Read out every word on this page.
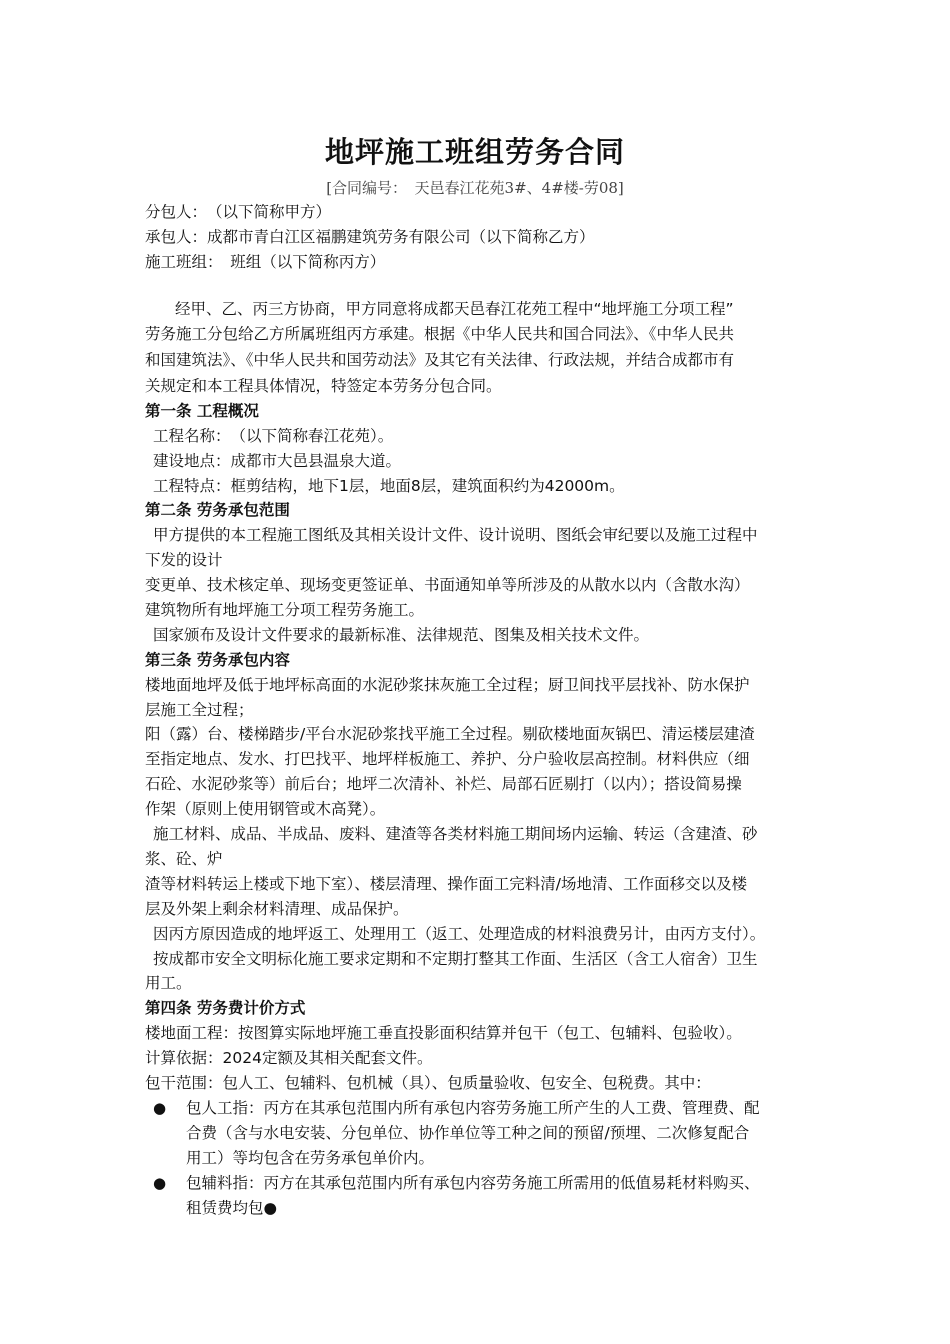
地坪施工班组劳务合同
[合同编号：　天邑春江花苑3#、4#楼-劳08]
分包人：　（以下简称甲方）
承包人：成都市青白江区福鹏建筑劳务有限公司（以下简称乙方）
施工班组：　班组（以下简称丙方）
经甲、乙、丙三方协商，甲方同意将成都天邑春江花苑工程中“地坪施工分项工程”
劳务施工分包给乙方所属班组丙方承建。根据《中华人民共和国合同法》、《中华人民共
和国建筑法》、《中华人民共和国劳动法》及其它有关法律、行政法规，并结合成都市有
关规定和本工程具体情况，特签定本劳务分包合同。
第一条 工程概况
工程名称：　（以下简称春江花苑）。
建设地点：成都市大邑县温泉大道。
工程特点：框剪结构，地下1层，地面8层，建筑面积约为42000m。
第二条 劳务承包范围
甲方提供的本工程施工图纸及其相关设计文件、设计说明、图纸会审纪要以及施工过程中
下发的设计
变更单、技术核定单、现场变更签证单、书面通知单等所涉及的从散水以内（含散水沟）
建筑物所有地坪施工分项工程劳务施工。
国家颁布及设计文件要求的最新标准、法律规范、图集及相关技术文件。
第三条 劳务承包内容
楼地面地坪及低于地坪标高面的水泥砂浆抹灰施工全过程；厨卫间找平层找补、防水保护
层施工全过程；
阳（露）台、楼梯踏步/平台水泥砂浆找平施工全过程。剔砍楼地面灰锅巴、清运楼层建渣
至指定地点、发水、打巴找平、地坪样板施工、养护、分户验收层高控制。材料供应（细
石砼、水泥砂浆等）前后台；地坪二次清补、补烂、局部石匠剔打（以内）；搭设简易操
作架（原则上使用钢管或木高凳）。
施工材料、成品、半成品、废料、建渣等各类材料施工期间场内运输、转运（含建渣、砂
浆、砼、炉
渣等材料转运上楼或下地下室）、楼层清理、操作面工完料清/场地清、工作面移交以及楼
层及外架上剩余材料清理、成品保护。
因丙方原因造成的地坪返工、处理用工（返工、处理造成的材料浪费另计，由丙方支付）。
按成都市安全文明标化施工要求定期和不定期打整其工作面、生活区（含工人宿舍）卫生
用工。
第四条 劳务费计价方式
楼地面工程：按图算实际地坪施工垂直投影面积结算并包干（包工、包辅料、包验收）。
计算依据：2024定额及其相关配套文件。
包干范围：包人工、包辅料、包机械（具）、包质量验收、包安全、包税费。其中：
● 包人工指：丙方在其承包范围内所有承包内容劳务施工所产生的人工费、管理费、配
合费（含与水电安装、分包单位、协作单位等工种之间的预留/预埋、二次修复配合
用工）等均包含在劳务承包单价内。
● 包辅料指：丙方在其承包范围内所有承包内容劳务施工所需用的低值易耗材料购买、
租赁费均包●
